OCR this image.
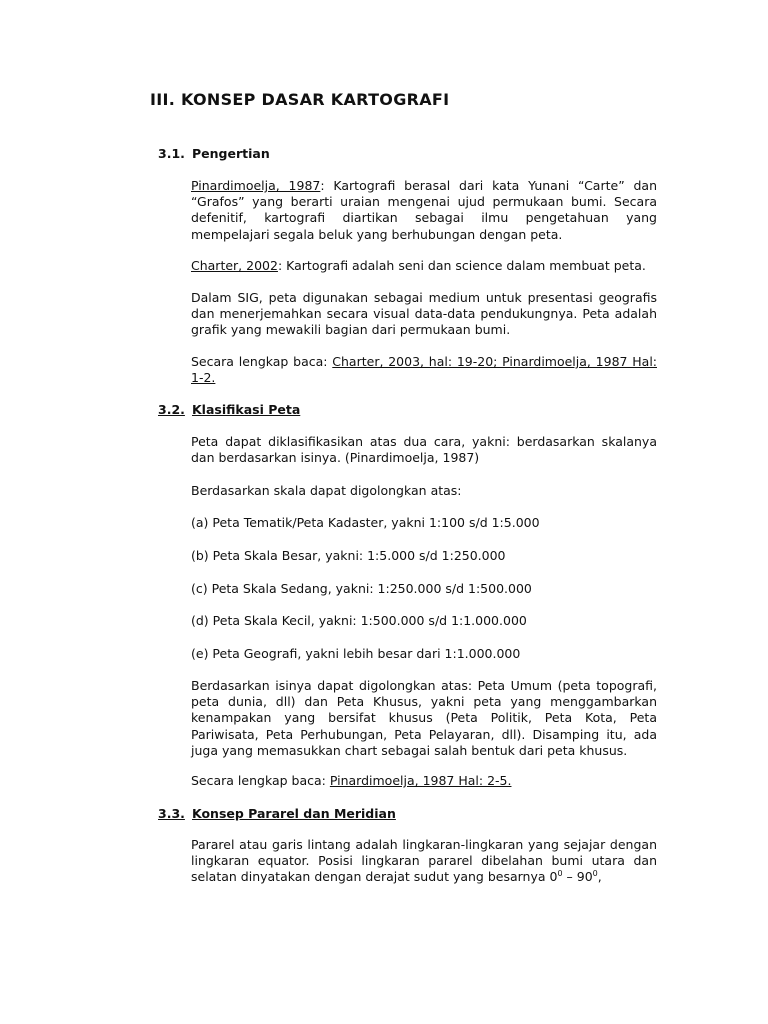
III. KONSEP DASAR KARTOGRAFI
3.1. Pengertian
Pinardimoelja, 1987: Kartografi berasal dari kata Yunani “Carte” dan “Grafos” yang berarti uraian mengenai ujud permukaan bumi. Secara defenitif, kartografi diartikan sebagai ilmu pengetahuan yang mempelajari segala beluk yang berhubungan dengan peta.
Charter, 2002: Kartografi adalah seni dan science dalam membuat peta.
Dalam SIG, peta digunakan sebagai medium untuk presentasi geografis dan menerjemahkan secara visual data-data pendukungnya. Peta adalah grafik yang mewakili bagian dari permukaan bumi.
Secara lengkap baca: Charter, 2003, hal: 19-20; Pinardimoelja, 1987 Hal: 1-2.
3.2. Klasifikasi Peta
Peta dapat diklasifikasikan atas dua cara, yakni: berdasarkan skalanya dan berdasarkan isinya. (Pinardimoelja, 1987)
Berdasarkan skala dapat digolongkan atas:
(a) Peta Tematik/Peta Kadaster, yakni 1:100 s/d 1:5.000
(b) Peta Skala Besar, yakni: 1:5.000 s/d 1:250.000
(c) Peta Skala Sedang, yakni: 1:250.000 s/d 1:500.000
(d) Peta Skala Kecil, yakni: 1:500.000 s/d 1:1.000.000
(e) Peta Geografi, yakni lebih besar dari 1:1.000.000
Berdasarkan isinya dapat digolongkan atas: Peta Umum (peta topografi, peta dunia, dll) dan Peta Khusus, yakni peta yang menggambarkan kenampakan yang bersifat khusus (Peta Politik, Peta Kota, Peta Pariwisata, Peta Perhubungan, Peta Pelayaran, dll). Disamping itu, ada juga yang memasukkan chart sebagai salah bentuk dari peta khusus.
Secara lengkap baca: Pinardimoelja, 1987 Hal: 2-5.
3.3. Konsep Pararel dan Meridian
Pararel atau garis lintang adalah lingkaran-lingkaran yang sejajar dengan lingkaran equator. Posisi lingkaran pararel dibelahan bumi utara dan selatan dinyatakan dengan derajat sudut yang besarnya $0^0 - 90^0$,
